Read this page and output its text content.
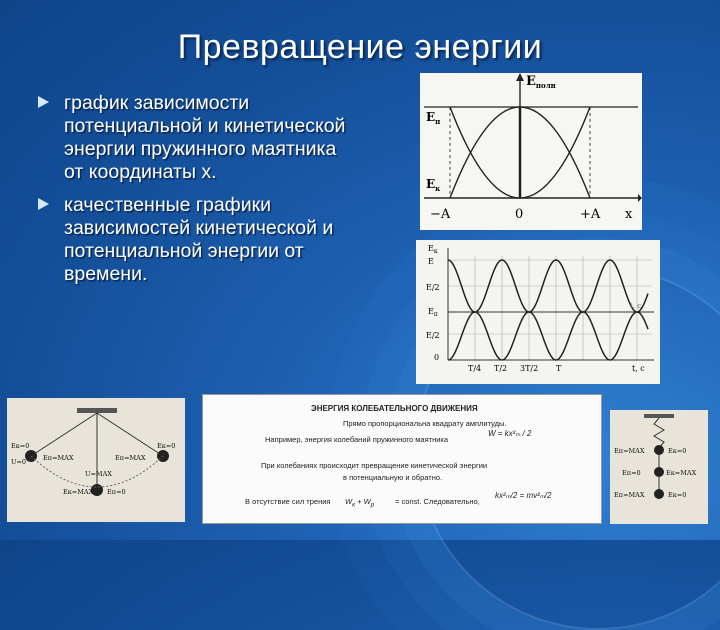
Превращение энергии
график зависимости потенциальной и кинетической энергии пружинного маятника от координаты x.
качественные графики зависимостей кинетической и потенциальной энергии от времени.
$E_{полн}$
$E_п$
$E_к$
−A	0	+A x
$E_к$
E
E/2
$E_п$
E/2
0
T/4 T/2 3T/2 T	t, с
t, с
Eк=0
U=0	Eп=MAX	Eп=MAX
Eк=0
U=MAX
Eк=MAX Eп=0
ЭНЕРГИЯ КОЛЕБАТЕЛЬНОГО ДВИЖЕНИЯ
Прямо пропорциональна квадрату амплитуды.
Например, энергия колебаний пружинного маятника
W = kx²ₘ / 2
При колебаниях происходит превращение кинетической энергии
в потенциальную и обратно.
В отсутствие сил трения $W_к + W_р$	= const. Следовательно,
kx²ₘ/2 = mv²ₘ/2
Eп=MAX	Eк=0
Eп=0	Eк=MAX
Eп=MAX	Eк=0
